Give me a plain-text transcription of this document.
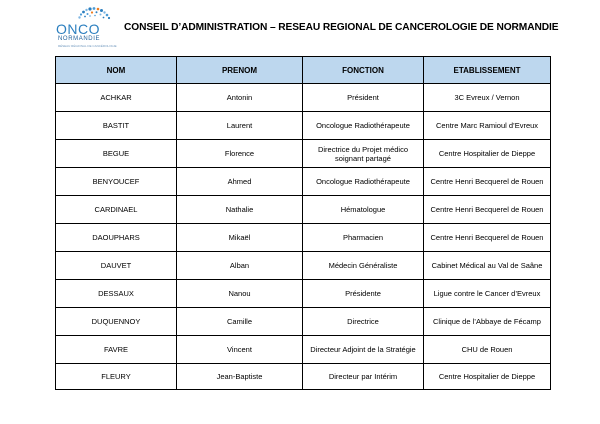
ONCO
NORMANDIE
RÉSEAU RÉGIONAL DE CANCÉROLOGIE
CONSEIL D’ADMINISTRATION – RESEAU REGIONAL DE CANCEROLOGIE DE NORMANDIE
NOM	PRENOM	FONCTION	ETABLISSEMENT
ACHKAR	Antonin	Président	3C Evreux / Vernon
BASTIT	Laurent	Oncologue Radiothérapeute	Centre Marc Ramioul d’Evreux
BEGUE	Florence	Directrice du Projet médico soignant partagé	Centre Hospitalier de Dieppe
BENYOUCEF	Ahmed	Oncologue Radiothérapeute	Centre Henri Becquerel de Rouen
CARDINAEL	Nathalie	Hématologue	Centre Henri Becquerel de Rouen
DAOUPHARS	Mikaël	Pharmacien	Centre Henri Becquerel de Rouen
DAUVET	Alban	Médecin Généraliste	Cabinet Médical au Val de Saâne
DESSAUX	Nanou	Présidente	Ligue contre le Cancer d’Evreux
DUQUENNOY	Camille	Directrice	Clinique de l’Abbaye de Fécamp
FAVRE	Vincent	Directeur Adjoint de la Stratégie	CHU de Rouen
FLEURY	Jean-Baptiste	Directeur par Intérim	Centre Hospitalier de Dieppe
